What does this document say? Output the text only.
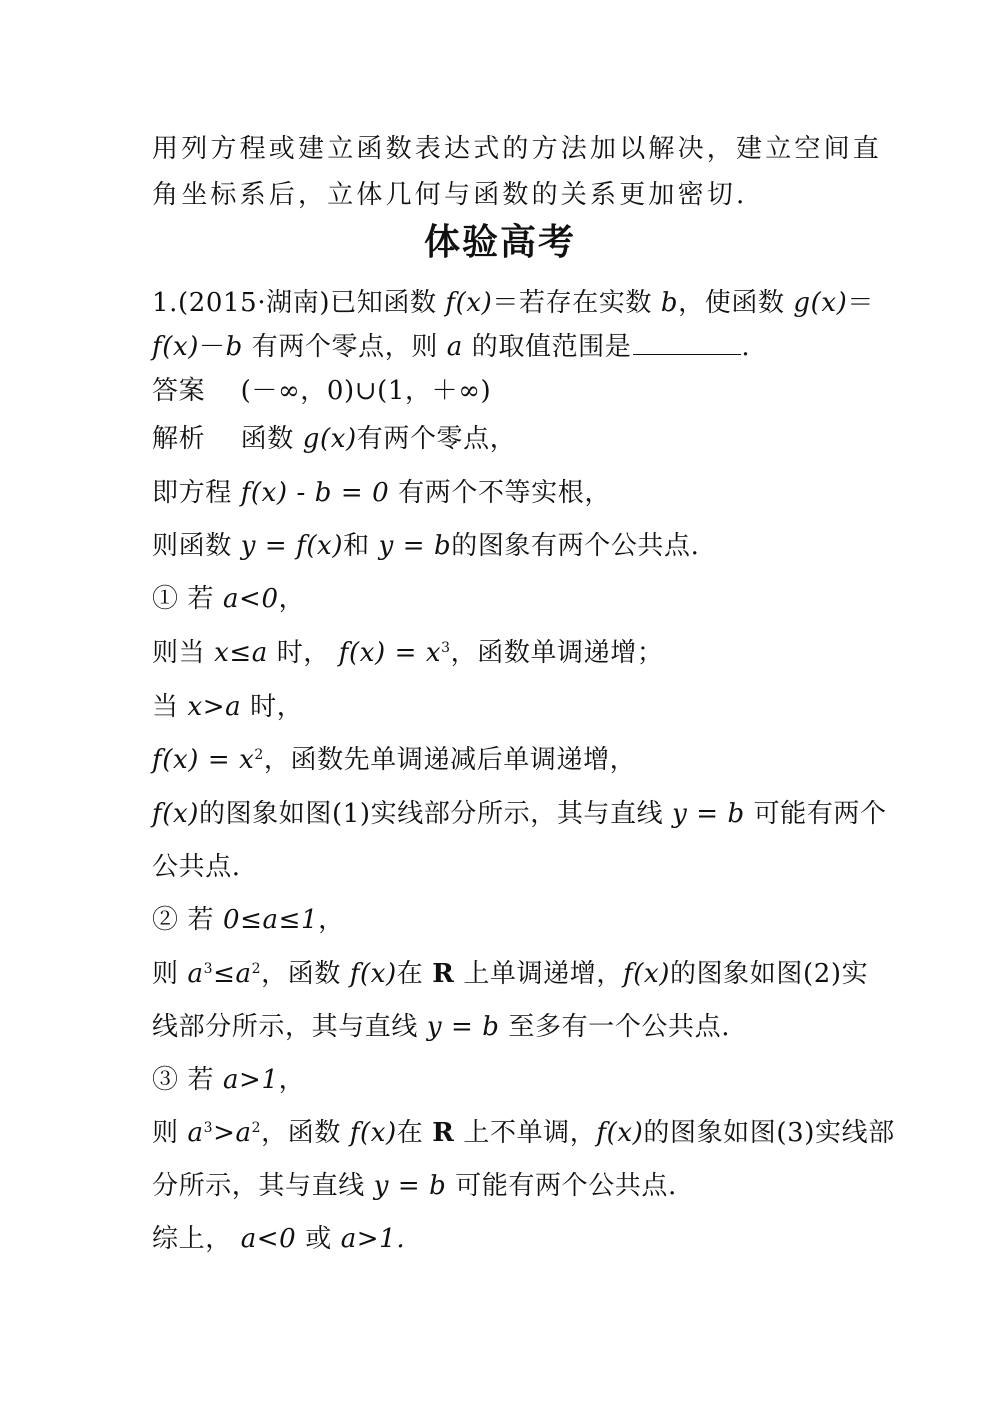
用列方程或建立函数表达式的方法加以解决，建立空间直
角坐标系后，立体几何与函数的关系更加密切.
体验高考
1.(2015·湖南)已知函数 f(x)＝若存在实数 b，使函数 g(x)＝
f(x)－b 有两个零点，则 a 的取值范围是	.
答案 (－∞，0)∪(1，＋∞)
解析 函数 g(x)有两个零点，
即方程 f(x) - b = 0 有两个不等实根，
则函数 y = f(x)和 y = b的图象有两个公共点.
① 若 a<0，
则当 x≤a 时， $f(x) = x^3$，函数单调递增；
当 x>a 时，
$f(x) = x^2$，函数先单调递减后单调递增，
f(x)的图象如图(1)实线部分所示，其与直线 y = b 可能有两个
公共点.
② 若 0≤a≤1，
则 $a^3\le a^2$，函数 f(x)在 R 上单调递增，f(x)的图象如图(2)实
线部分所示，其与直线 y = b 至多有一个公共点.
③ 若 a>1，
则 $a^3>a^2$，函数 f(x)在 R 上不单调，f(x)的图象如图(3)实线部
分所示，其与直线 y = b 可能有两个公共点.
综上， a<0 或 a>1.
